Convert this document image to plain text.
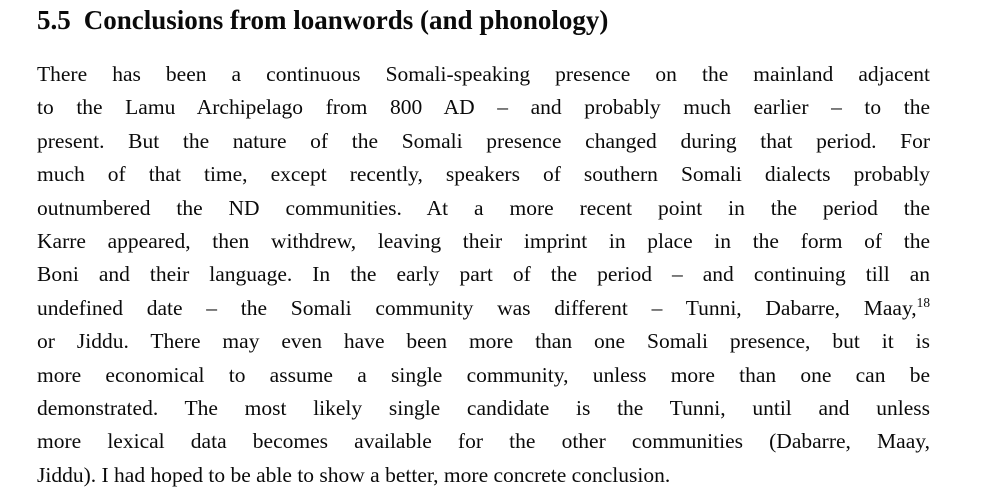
5.5 Conclusions from loanwords (and phonology)
There has been a continuous Somali-speaking presence on the mainland adjacent
to the Lamu Archipelago from 800 AD – and probably much earlier – to the
present. But the nature of the Somali presence changed during that period. For
much of that time, except recently, speakers of southern Somali dialects probably
outnumbered the ND communities. At a more recent point in the period the
Karre appeared, then withdrew, leaving their imprint in place in the form of the
Boni and their language. In the early part of the period – and continuing till an
undefined date – the Somali community was different – Tunni, Dabarre, Maay,$^{18}$
or Jiddu. There may even have been more than one Somali presence, but it is
more economical to assume a single community, unless more than one can be
demonstrated. The most likely single candidate is the Tunni, until and unless
more lexical data becomes available for the other communities (Dabarre, Maay,
Jiddu). I had hoped to be able to show a better, more concrete conclusion.
